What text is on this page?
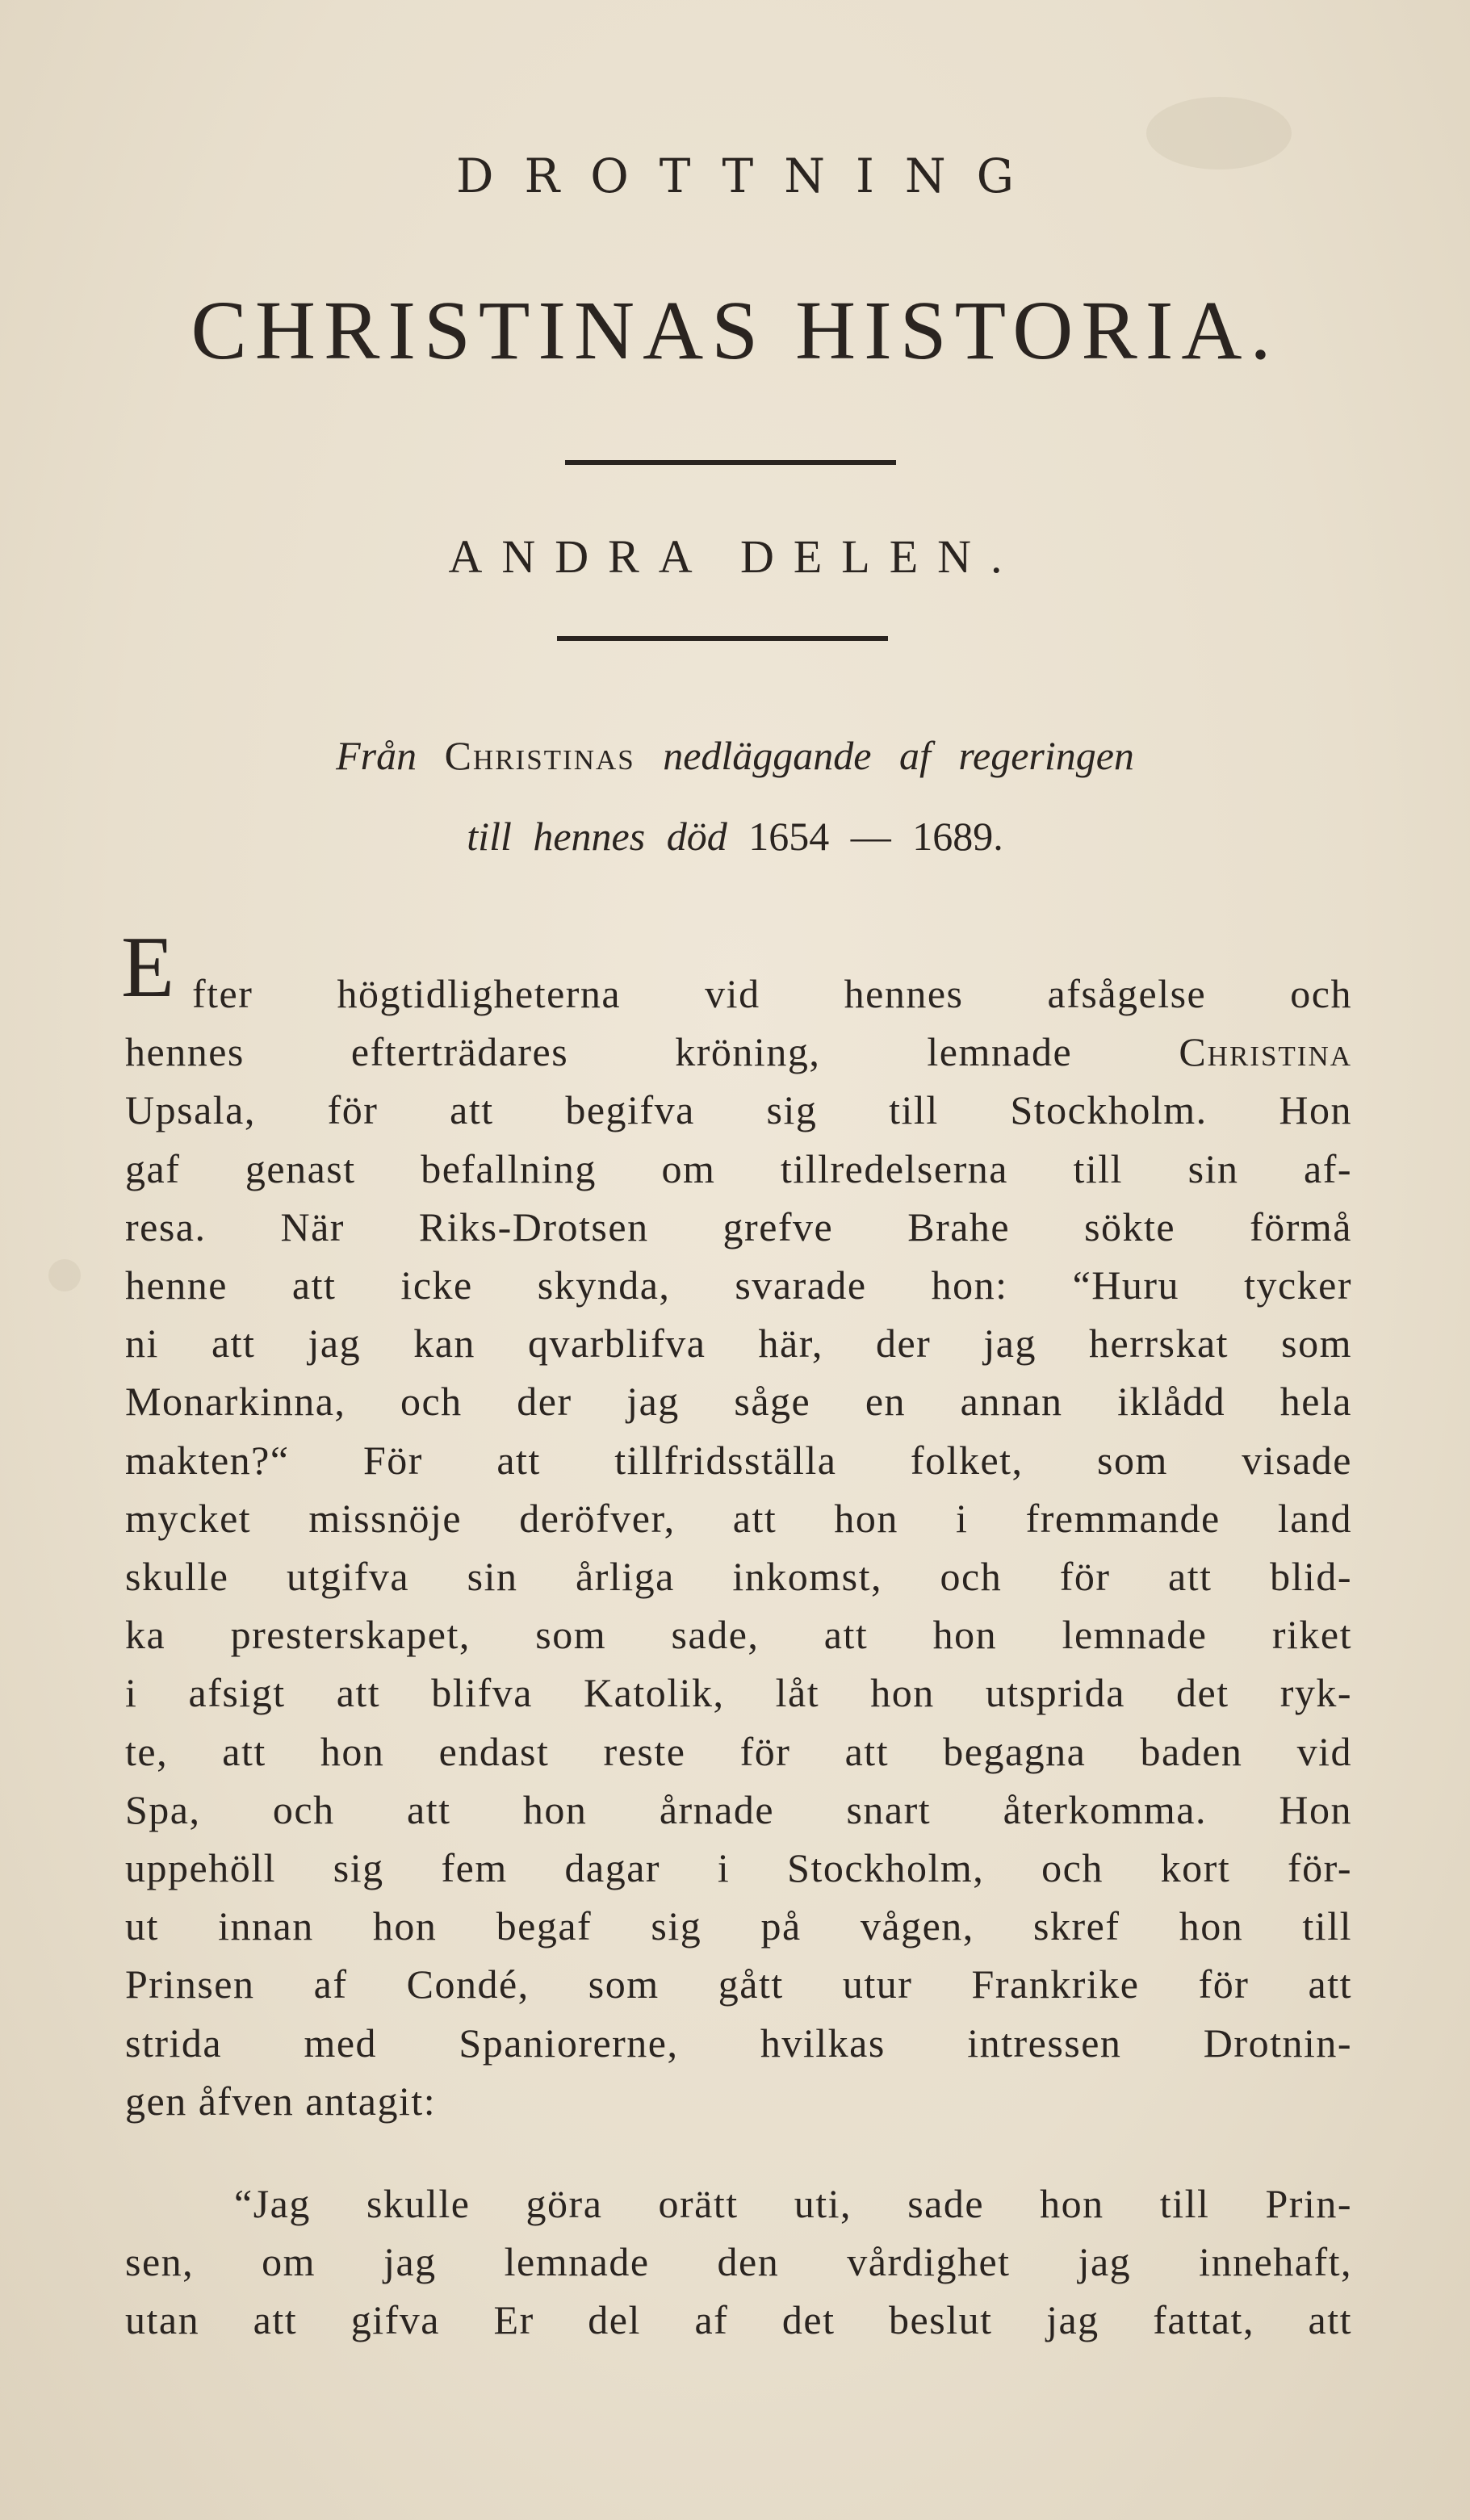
DROTTNING
CHRISTINAS HISTORIA.
ANDRA DELEN.
Från Christinas nedläggande af regeringen
till hennes död 1654 — 1689.
E fter högtidligheterna vid hennes afsågelse och
hennes efterträdares kröning, lemnade Christina
Upsala, för att begifva sig till Stockholm. Hon
gaf genast befallning om tillredelserna till sin af-
resa. När Riks-Drotsen grefve Brahe sökte förmå
henne att icke skynda, svarade hon: “Huru tycker
ni att jag kan qvarblifva här, der jag herrskat som
Monarkinna, och der jag såge en annan iklådd hela
makten?“ För att tillfridsställa folket, som visade
mycket missnöje deröfver, att hon i fremmande land
skulle utgifva sin årliga inkomst, och för att blid-
ka presterskapet, som sade, att hon lemnade riket
i afsigt att blifva Katolik, låt hon utsprida det ryk-
te, att hon endast reste för att begagna baden vid
Spa, och att hon årnade snart återkomma. Hon
uppehöll sig fem dagar i Stockholm, och kort för-
ut innan hon begaf sig på vågen, skref hon till
Prinsen af Condé, som gått utur Frankrike för att
strida med Spaniorerne, hvilkas intressen Drotnin-
gen åfven antagit:
“Jag skulle göra orätt uti, sade hon till Prin-
sen, om jag lemnade den vårdighet jag innehaft,
utan att gifva Er del af det beslut jag fattat, att
